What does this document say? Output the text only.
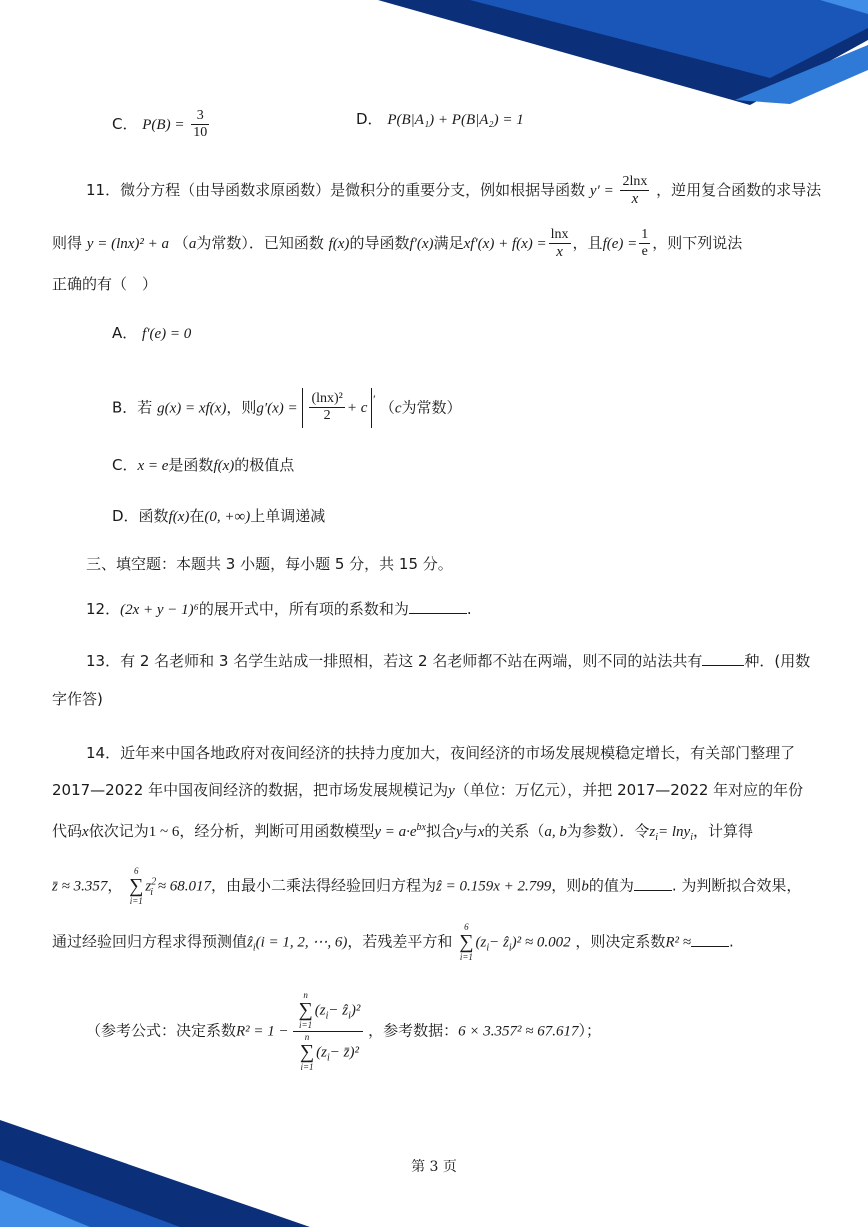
C． $P(B) = \frac{3}{10}$	D． P(B|A₁) + P(B|A₂) = 1
11．微分方程（由导函数求原函数）是微积分的重要分支，例如根据导函数 $y' = \frac{2\ln x}{x}$ ，逆用复合函数的求导法
则得 y = (lnx)² + a （a为常数）．已知函数 f(x)的导函数f′(x)满足$xf'(x) + f(x) = \frac{\ln x}{x}$ ，且$f(e) = \frac{1}{e}$ ，则下列说法
正确的有（　）
A． f′(e) = 0
B．若 g(x) = xf(x)，则$g'(x) = \frac{\text{(lnx)²}}{2} + c'$ （c为常数）
C．x = e是函数f(x)的极值点
D．函数f(x)在(0, +∞)上单调递减
三、填空题：本题共 3 小题，每小题 5 分，共 15 分。
12．(2x + y − 1)⁶的展开式中，所有项的系数和为	.
13．有 2 名老师和 3 名学生站成一排照相，若这 2 名老师都不站在两端，则不同的站法共有	种．(用数
字作答)
14．近年来中国各地政府对夜间经济的扶持力度加大，夜间经济的市场发展规模稳定增长，有关部门整理了
2017—2022 年中国夜间经济的数据，把市场发展规模记为y（单位：万亿元），并把 2017—2022 年对应的年份
代码x依次记为1 ~ 6，经分析，判断可用函数模型$y = a\cdot e^{bx}$拟合y与x的关系（a, b为参数）．令$z_i= \ln y_i$，计算得
z̄ ≈ 3.357，
6
∑
i=1
$z^2_i \approx 68.017$，由最小二乘法得经验回归方程为ẑ = 0.159x + 2.799，则b的值为	. 为判断拟合效果，
通过经验回归方程求得预测值ẑ$_i$(i = 1, 2, ⋯, 6)，若残差平方和
6
∑
i=1
($z_i-$ ẑ$_i$)² ≈ 0.002 ，则决定系数R² ≈	.
（参考公式：决定系数R² = 1 − n
∑
i=1
($z_i-$ ẑ$_i$)²
n
∑
i=1
($z_i-$ z̄)² ，参考数据：6 × 3.357² ≈ 67.617）；
第 3 页
